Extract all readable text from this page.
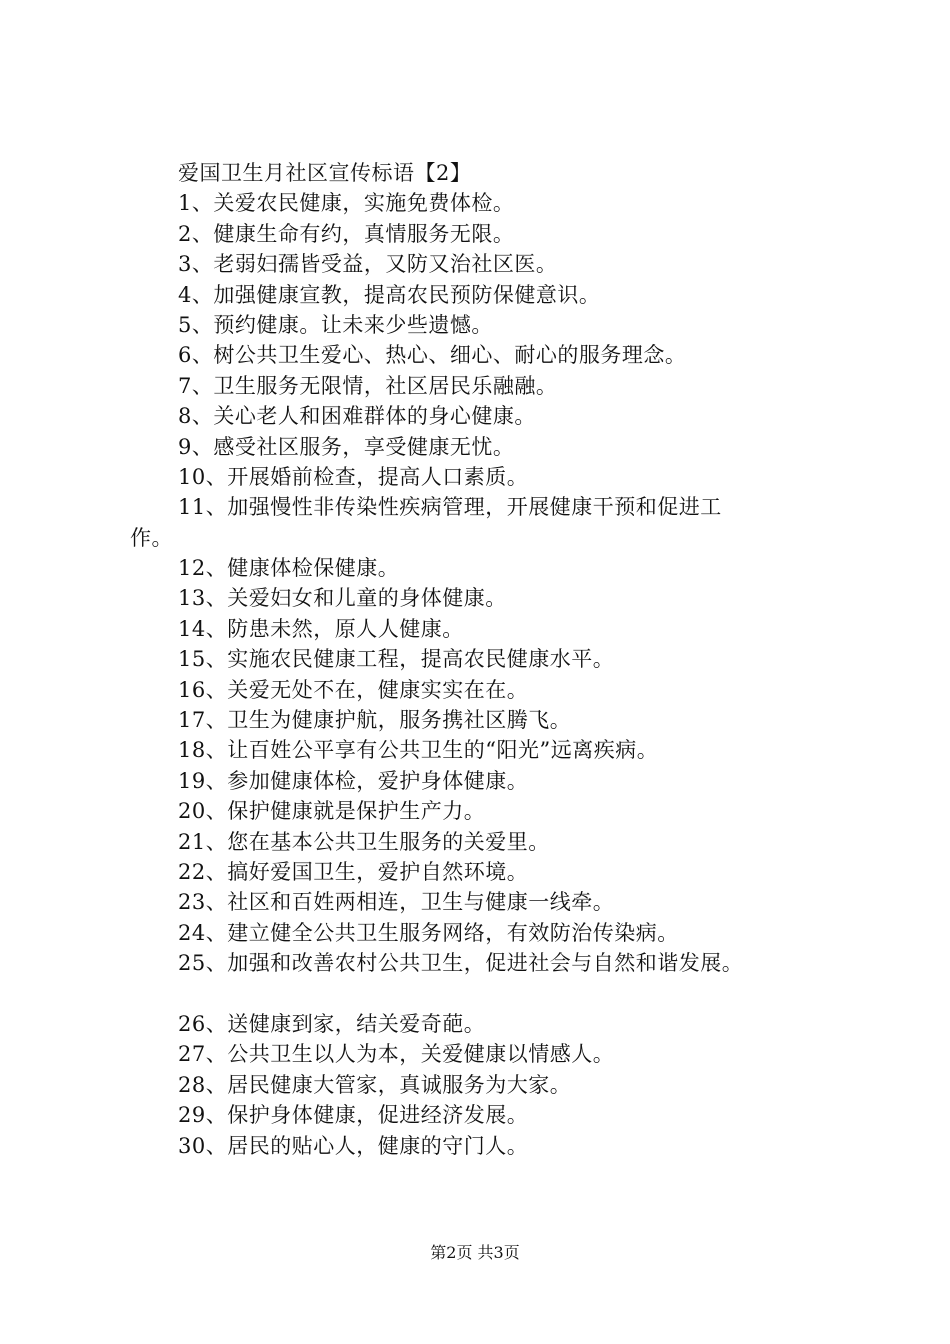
爱国卫生月社区宣传标语【2】
1、关爱农民健康，实施免费体检。
2、健康生命有约，真情服务无限。
3、老弱妇孺皆受益，又防又治社区医。
4、加强健康宣教，提高农民预防保健意识。
5、预约健康。让未来少些遗憾。
6、树公共卫生爱心、热心、细心、耐心的服务理念。
7、卫生服务无限情，社区居民乐融融。
8、关心老人和困难群体的身心健康。
9、感受社区服务，享受健康无忧。
10、开展婚前检查，提高人口素质。
11、加强慢性非传染性疾病管理，开展健康干预和促进工
作。
12、健康体检保健康。
13、关爱妇女和儿童的身体健康。
14、防患未然，原人人健康。
15、实施农民健康工程，提高农民健康水平。
16、关爱无处不在，健康实实在在。
17、卫生为健康护航，服务携社区腾飞。
18、让百姓公平享有公共卫生的“阳光”远离疾病。
19、参加健康体检，爱护身体健康。
20、保护健康就是保护生产力。
21、您在基本公共卫生服务的关爱里。
22、搞好爱国卫生，爱护自然环境。
23、社区和百姓两相连，卫生与健康一线牵。
24、建立健全公共卫生服务网络，有效防治传染病。
25、加强和改善农村公共卫生，促进社会与自然和谐发展。
26、送健康到家，结关爱奇葩。
27、公共卫生以人为本，关爱健康以情感人。
28、居民健康大管家，真诚服务为大家。
29、保护身体健康，促进经济发展。
30、居民的贴心人，健康的守门人。
第2页 共3页
